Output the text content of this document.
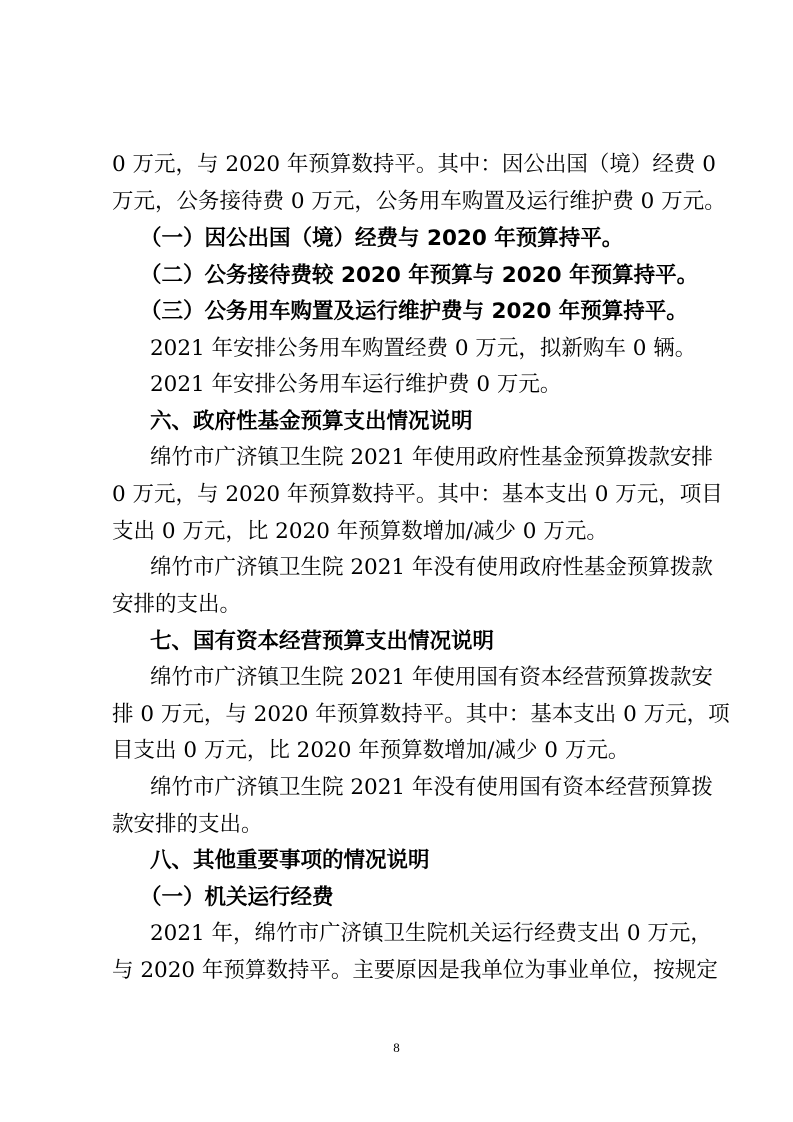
0 万元，与 2020 年预算数持平。其中：因公出国（境）经费 0
万元，公务接待费 0 万元，公务用车购置及运行维护费 0 万元。
（一）因公出国（境）经费与 2020 年预算持平。
（二）公务接待费较 2020 年预算与 2020 年预算持平。
（三）公务用车购置及运行维护费与 2020 年预算持平。
2021 年安排公务用车购置经费 0 万元，拟新购车 0 辆。
2021 年安排公务用车运行维护费 0 万元。
六、政府性基金预算支出情况说明
绵竹市广济镇卫生院 2021 年使用政府性基金预算拨款安排
0 万元，与 2020 年预算数持平。其中：基本支出 0 万元，项目
支出 0 万元，比 2020 年预算数增加/减少 0 万元。
绵竹市广济镇卫生院 2021 年没有使用政府性基金预算拨款
安排的支出。
七、国有资本经营预算支出情况说明
绵竹市广济镇卫生院 2021 年使用国有资本经营预算拨款安
排 0 万元，与 2020 年预算数持平。其中：基本支出 0 万元，项
目支出 0 万元，比 2020 年预算数增加/减少 0 万元。
绵竹市广济镇卫生院 2021 年没有使用国有资本经营预算拨
款安排的支出。
八、其他重要事项的情况说明
（一）机关运行经费
2021 年，绵竹市广济镇卫生院机关运行经费支出 0 万元，
与 2020 年预算数持平。主要原因是我单位为事业单位，按规定
8
